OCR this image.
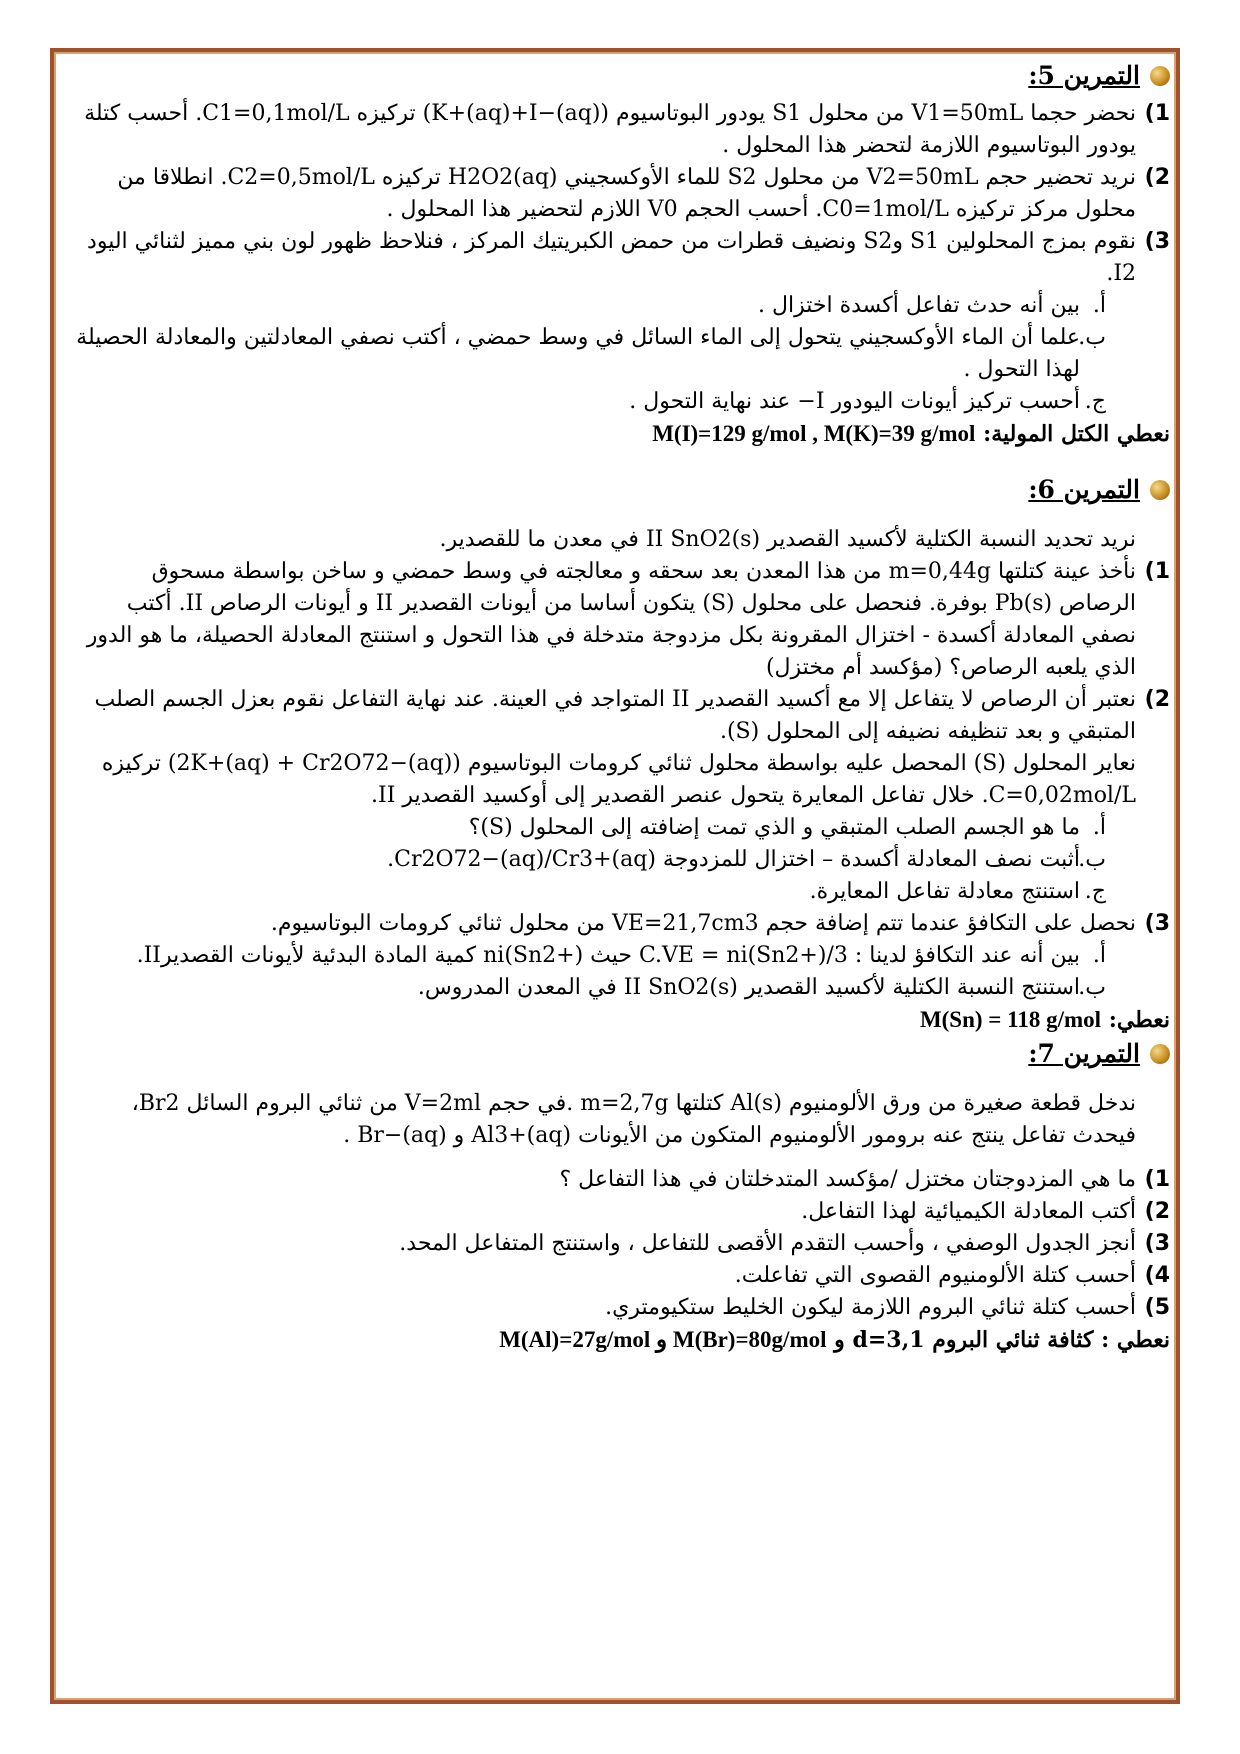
التمرين 5:
1)
نحضر حجما V1=50mL من محلول S1 يودور البوتاسيوم (K+(aq)+I−(aq)) تركيزه C1=0,1mol/L. أحسب كتلة يودور البوتاسيوم اللازمة لتحضر هذا المحلول .
2)
نريد تحضير حجم V2=50mL من محلول S2 للماء الأوكسجيني H2O2(aq) تركيزه C2=0,5mol/L. انطلاقا من محلول مركز تركيزه C0=1mol/L. أحسب الحجم V0 اللازم لتحضير هذا المحلول .
3)
نقوم بمزج المحلولين S1 وS2 ونضيف قطرات من حمض الكبريتيك المركز ، فنلاحظ ظهور لون بني مميز لثنائي اليود I2.
أ.
بين أنه حدث تفاعل أكسدة اختزال .
ب.
علما أن الماء الأوكسجيني يتحول إلى الماء السائل في وسط حمضي ، أكتب نصفي المعادلتين والمعادلة الحصيلة لهذا التحول .
ج.
أحسب تركيز أيونات اليودور I− عند نهاية التحول .
نعطي الكتل المولية: M(I)=129 g/mol , M(K)=39 g/mol
التمرين 6:
نريد تحديد النسبة الكتلية لأكسيد القصدير II SnO2(s) في معدن ما للقصدير.
1)
نأخذ عينة كتلتها m=0,44g من هذا المعدن بعد سحقه و معالجته في وسط حمضي و ساخن بواسطة مسحوق الرصاص Pb(s) بوفرة. فنحصل على محلول (S) يتكون أساسا من أيونات القصدير II و أيونات الرصاص II. أكتب نصفي المعادلة أكسدة - اختزال المقرونة بكل مزدوجة متدخلة في هذا التحول و استنتج المعادلة الحصيلة، ما هو الدور الذي يلعبه الرصاص؟ (مؤكسد أم مختزل)
2)
نعتبر أن الرصاص لا يتفاعل إلا مع أكسيد القصدير II المتواجد في العينة. عند نهاية التفاعل نقوم بعزل الجسم الصلب المتبقي و بعد تنظيفه نضيفه إلى المحلول (S).
نعاير المحلول (S) المحصل عليه بواسطة محلول ثنائي كرومات البوتاسيوم (2K+(aq) + Cr2O72−(aq)) تركيزه C=0,02mol/L. خلال تفاعل المعايرة يتحول عنصر القصدير إلى أوكسيد القصدير II.
أ.
ما هو الجسم الصلب المتبقي و الذي تمت إضافته إلى المحلول (S)؟
ب.
أثبت نصف المعادلة أكسدة – اختزال للمزدوجة Cr2O72−(aq)/Cr3+(aq).
ج.
استنتج معادلة تفاعل المعايرة.
3)
نحصل على التكافؤ عندما تتم إضافة حجم VE=21,7cm3 من محلول ثنائي كرومات البوتاسيوم.
أ.
بين أنه عند التكافؤ لدينا : C.VE = ni(Sn2+)/3 حيث ni(Sn2+) كمية المادة البدئية لأيونات القصديرII.
ب.
استنتج النسبة الكتلية لأكسيد القصدير II SnO2(s) في المعدن المدروس.
نعطي: M(Sn) = 118 g/mol
التمرين 7:
ندخل قطعة صغيرة من ورق الألومنيوم Al(s) كتلتها m=2,7g .في حجم V=2ml من ثنائي البروم السائل Br2، فيحدث تفاعل ينتج عنه برومور الألومنيوم المتكون من الأيونات Al3+(aq) و Br−(aq) .
1)
ما هي المزدوجتان مختزل /مؤكسد المتدخلتان في هذا التفاعل ؟
2)
أكتب المعادلة الكيميائية لهذا التفاعل.
3)
أنجز الجدول الوصفي ، وأحسب التقدم الأقصى للتفاعل ، واستنتج المتفاعل المحد.
4)
أحسب كتلة الألومنيوم القصوى التي تفاعلت.
5)
أحسب كتلة ثنائي البروم اللازمة ليكون الخليط ستكيومتري.
نعطي : كثافة ثنائي البروم d=3,1 و M(Br)=80g/mol و M(Al)=27g/mol
